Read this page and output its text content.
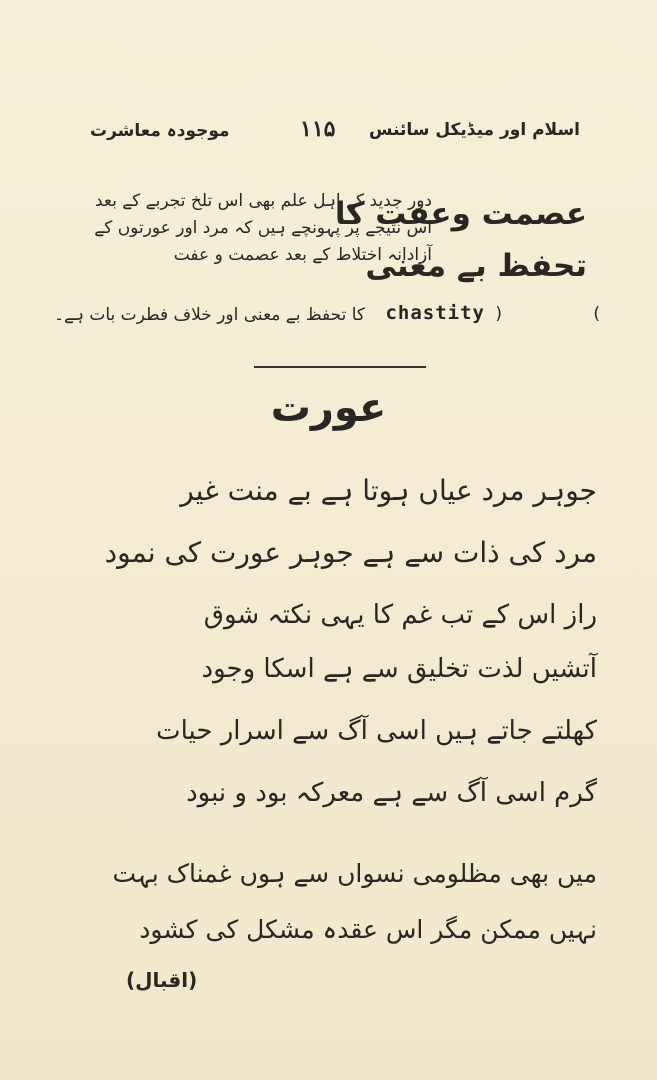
موجودہ معاشرت	۱۱۵ اسلام اور میڈیکل سائنس
عصمت وعفت کا
تحفظ بے معنی
دور جدید کے اہل علم بھی اس تلخ تجربے کے بعد
اس نتیجے پر پہونچے ہیں کہ مرد اور عورتوں کے
آزادانہ اختلاط کے بعد عصمت و عفت
(
chastity )
کا تحفظ بے معنی اور خلاف فطرت بات ہے۔
عورت
جوہر مرد عیاں ہوتا ہے بے منت غیر
مرد کی ذات سے ہے جوہر عورت کی نمود
راز اس کے تب غم کا یہی نکتہ شوق
آتشیں لذت تخلیق سے ہے اسکا وجود
کھلتے جاتے ہیں اسی آگ سے اسرار حیات
گرم اسی آگ سے ہے معرکہ بود و نبود
میں بھی مظلومی نسواں سے ہوں غمناک بہت
نہیں ممکن مگر اس عقدہ مشکل کی کشود
(اقبال)
